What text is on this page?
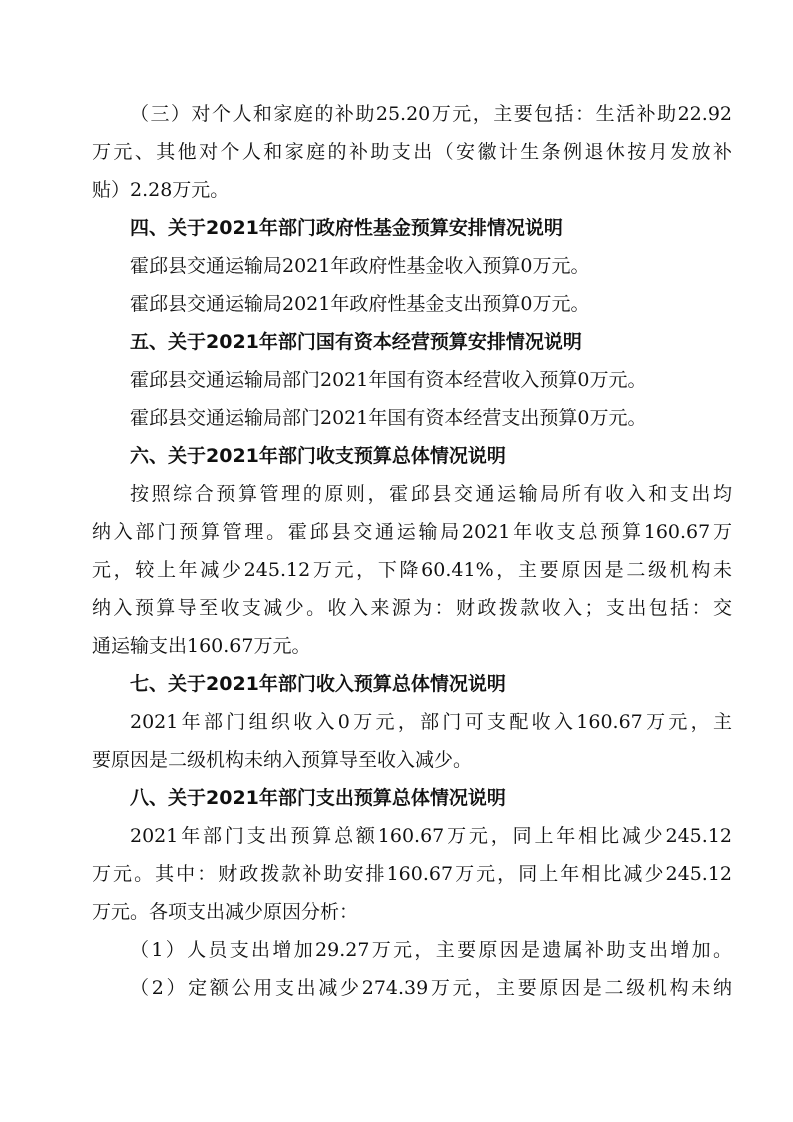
（三）对个人和家庭的补助25.20万元，主要包括：生活补助22.92
万元、其他对个人和家庭的补助支出（安徽计生条例退休按月发放补
贴）2.28万元。
四、关于2021年部门政府性基金预算安排情况说明
霍邱县交通运输局2021年政府性基金收入预算0万元。
霍邱县交通运输局2021年政府性基金支出预算0万元。
五、关于2021年部门国有资本经营预算安排情况说明
霍邱县交通运输局部门2021年国有资本经营收入预算0万元。
霍邱县交通运输局部门2021年国有资本经营支出预算0万元。
六、关于2021年部门收支预算总体情况说明
按照综合预算管理的原则，霍邱县交通运输局所有收入和支出均
纳入部门预算管理。霍邱县交通运输局2021年收支总预算160.67万
元，较上年减少245.12万元，下降60.41%，主要原因是二级机构未
纳入预算导至收支减少。收入来源为：财政拨款收入；支出包括：交
通运输支出160.67万元。
七、关于2021年部门收入预算总体情况说明
2021年部门组织收入0万元，部门可支配收入160.67万元，主
要原因是二级机构未纳入预算导至收入减少。
八、关于2021年部门支出预算总体情况说明
2021年部门支出预算总额160.67万元，同上年相比减少245.12
万元。其中：财政拨款补助安排160.67万元，同上年相比减少245.12
万元。各项支出减少原因分析：
（1）人员支出增加29.27万元，主要原因是遗属补助支出增加。
（2）定额公用支出减少274.39万元，主要原因是二级机构未纳
